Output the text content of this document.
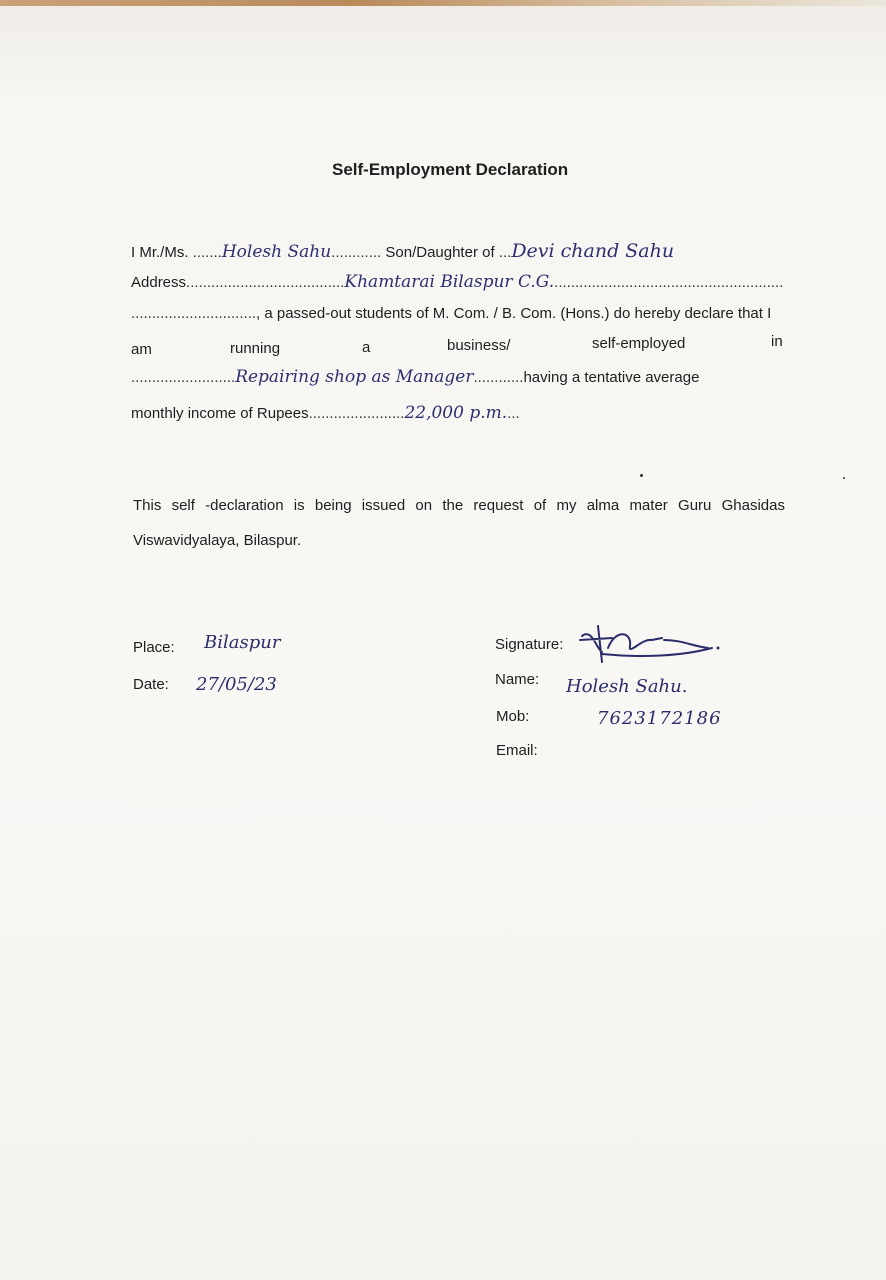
Self-Employment Declaration
I Mr./Ms. .......Holesh Sahu............ Son/Daughter of ...Devi chand Sahu
Address......................................Khamtarai Bilaspur C.G........................................................
.............................., a passed-out students of M. Com. / B. Com. (Hons.) do hereby declare that I
am	running	a	business/	self-employed	in
.........................Repairing shop as Manager............having a tentative average
monthly income of Rupees.......................22,000 p.m....
This self -declaration is being issued on the request of my alma mater Guru Ghasidas Viswavidyalaya, Bilaspur.
Place: Bilaspur
Date: 27/05/23
Signature:
Name: Holesh Sahu.
Mob:	7623172186
Email:
